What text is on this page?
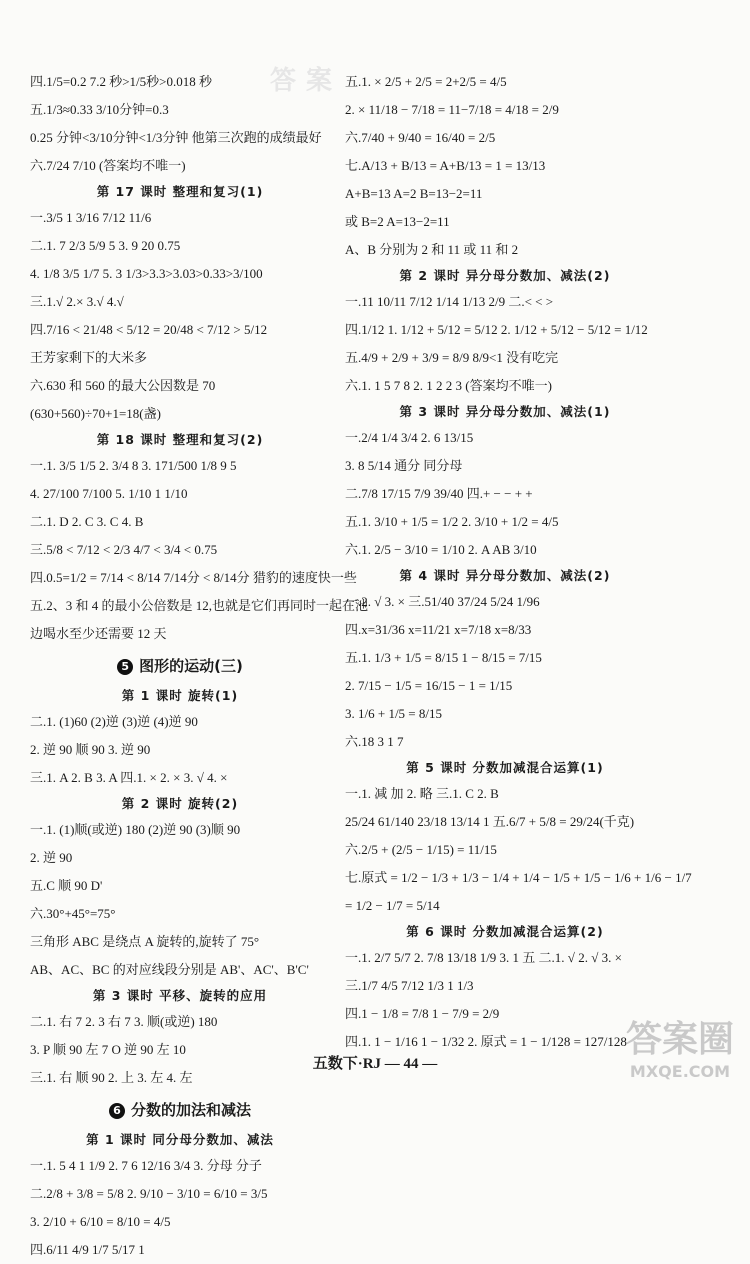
答案
四.1/5=0.2 7.2 秒>1/5秒>0.018 秒
五.1/3≈0.33 3/10分钟=0.3
0.25 分钟<3/10分钟<1/3分钟 他第三次跑的成绩最好
六.7/24 7/10 (答案均不唯一)
第 17 课时 整理和复习(1)
一.3/5 1 3/16 7/12 11/6
二.1. 7 2/3 5/9 5 3. 9 20 0.75
4. 1/8 3/5 1/7 5. 3 1/3>3.3>3.03>0.33>3/100
三.1.√ 2.× 3.√ 4.√
四.7/16 < 21/48 < 5/12 = 20/48 < 7/12 > 5/12
王芳家剩下的大米多
六.630 和 560 的最大公因数是 70
(630+560)÷70+1=18(盏)
第 18 课时 整理和复习(2)
一.1. 3/5 1/5 2. 3/4 8 3. 171/500 1/8 9 5
4. 27/100 7/100 5. 1/10 1 1/10
二.1. D 2. C 3. C 4. B
三.5/8 < 7/12 < 2/3 4/7 < 3/4 < 0.75
四.0.5=1/2 = 7/14 < 8/14 7/14分 < 8/14分 猎豹的速度快一些
五.2、3 和 4 的最小公倍数是 12,也就是它们再同时一起在池
边喝水至少还需要 12 天
5 图形的运动(三)
第 1 课时 旋转(1)
二.1. (1)60 (2)逆 (3)逆 (4)逆 90
2. 逆 90 顺 90 3. 逆 90
三.1. A 2. B 3. A 四.1. × 2. × 3. √ 4. ×
第 2 课时 旋转(2)
一.1. (1)顺(或逆) 180 (2)逆 90 (3)顺 90
2. 逆 90
五.C 顺 90 D'
六.30°+45°=75°
三角形 ABC 是绕点 A 旋转的,旋转了 75°
AB、AC、BC 的对应线段分别是 AB'、AC'、B'C'
第 3 课时 平移、旋转的应用
二.1. 右 7 2. 3 右 7 3. 顺(或逆) 180
3. P 顺 90 左 7 O 逆 90 左 10
三.1. 右 顺 90 2. 上 3. 左 4. 左
6 分数的加法和减法
第 1 课时 同分母分数加、减法
一.1. 5 4 1 1/9 2. 7 6 12/16 3/4 3. 分母 分子
二.2/8 + 3/8 = 5/8 2. 9/10 − 3/10 = 6/10 = 3/5
3. 2/10 + 6/10 = 8/10 = 4/5
四.6/11 4/9 1/7 5/17 1
五.1. × 2/5 + 2/5 = 2+2/5 = 4/5
2. × 11/18 − 7/18 = 11−7/18 = 4/18 = 2/9
六.7/40 + 9/40 = 16/40 = 2/5
七.A/13 + B/13 = A+B/13 = 1 = 13/13
A+B=13 A=2 B=13−2=11
或 B=2 A=13−2=11
A、B 分别为 2 和 11 或 11 和 2
第 2 课时 异分母分数加、减法(2)
一.11 10/11 7/12 1/14 1/13 2/9 二.< < >
四.1/12 1. 1/12 + 5/12 = 5/12 2. 1/12 + 5/12 − 5/12 = 1/12
五.4/9 + 2/9 + 3/9 = 8/9 8/9<1 没有吃完
六.1. 1 5 7 8 2. 1 2 2 3 (答案均不唯一)
第 3 课时 异分母分数加、减法(1)
一.2/4 1/4 3/4 2. 6 13/15
3. 8 5/14 通分 同分母
二.7/8 17/15 7/9 39/40 四.+ − − + +
五.1. 3/10 + 1/5 = 1/2 2. 3/10 + 1/2 = 4/5
六.1. 2/5 − 3/10 = 1/10 2. A AB 3/10
第 4 课时 异分母分数加、减法(2)
一.2. √ 3. × 三.51/40 37/24 5/24 1/96
四.x=31/36 x=11/21 x=7/18 x=8/33
五.1. 1/3 + 1/5 = 8/15 1 − 8/15 = 7/15
2. 7/15 − 1/5 = 16/15 − 1 = 1/15
3. 1/6 + 1/5 = 8/15
六.18 3 1 7
第 5 课时 分数加减混合运算(1)
一.1. 减 加 2. 略 三.1. C 2. B
25/24 61/140 23/18 13/14 1 五.6/7 + 5/8 = 29/24(千克)
六.2/5 + (2/5 − 1/15) = 11/15
七.原式 = 1/2 − 1/3 + 1/3 − 1/4 + 1/4 − 1/5 + 1/5 − 1/6 + 1/6 − 1/7
= 1/2 − 1/7 = 5/14
第 6 课时 分数加减混合运算(2)
一.1. 2/7 5/7 2. 7/8 13/18 1/9 3. 1 五 二.1. √ 2. √ 3. ×
三.1/7 4/5 7/12 1/3 1 1/3
四.1 − 1/8 = 7/8 1 − 7/9 = 2/9
四.1. 1 − 1/16 1 − 1/32 2. 原式 = 1 − 1/128 = 127/128
五数下·RJ — 44 —
答案圈
MXQE.COM
